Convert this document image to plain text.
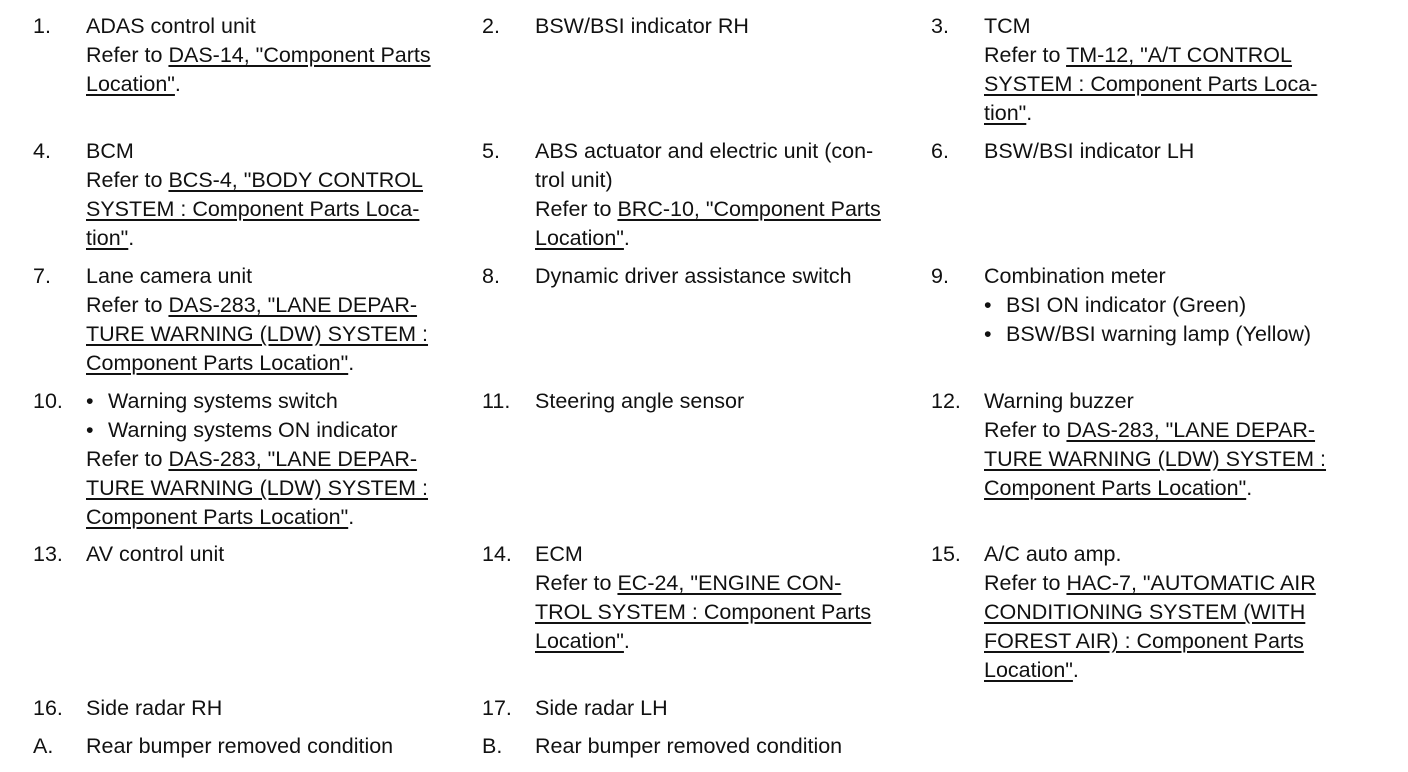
1. ADAS control unit
Refer to DAS-14, "Component Parts
Location".
2. BSW/BSI indicator RH	3. TCM
Refer to TM-12, "A/T CONTROL
SYSTEM : Component Parts Loca-
tion".
4. BCM
Refer to BCS-4, "BODY CONTROL
SYSTEM : Component Parts Loca-
tion".
5. ABS actuator and electric unit (con-
trol unit)
Refer to BRC-10, "Component Parts
Location".
6. BSW/BSI indicator LH
7. Lane camera unit
Refer to DAS-283, "LANE DEPAR-
TURE WARNING (LDW) SYSTEM :
Component Parts Location".
8. Dynamic driver assistance switch	9. Combination meter
• BSI ON indicator (Green)
• BSW/BSI warning lamp (Yellow)
10.
•	Warning systems switch
• Warning systems ON indicator
Refer to DAS-283, "LANE DEPAR-
TURE WARNING (LDW) SYSTEM :
Component Parts Location".
11. Steering angle sensor	12. Warning buzzer
Refer to DAS-283, "LANE DEPAR-
TURE WARNING (LDW) SYSTEM :
Component Parts Location".
13. AV control unit	14. ECM
Refer to EC-24, "ENGINE CON-
TROL SYSTEM : Component Parts
Location".
15. A/C auto amp.
Refer to HAC-7, "AUTOMATIC AIR
CONDITIONING SYSTEM (WITH
FOREST AIR) : Component Parts
Location".
16. Side radar RH	17. Side radar LH
A. Rear bumper removed condition	B. Rear bumper removed condition
